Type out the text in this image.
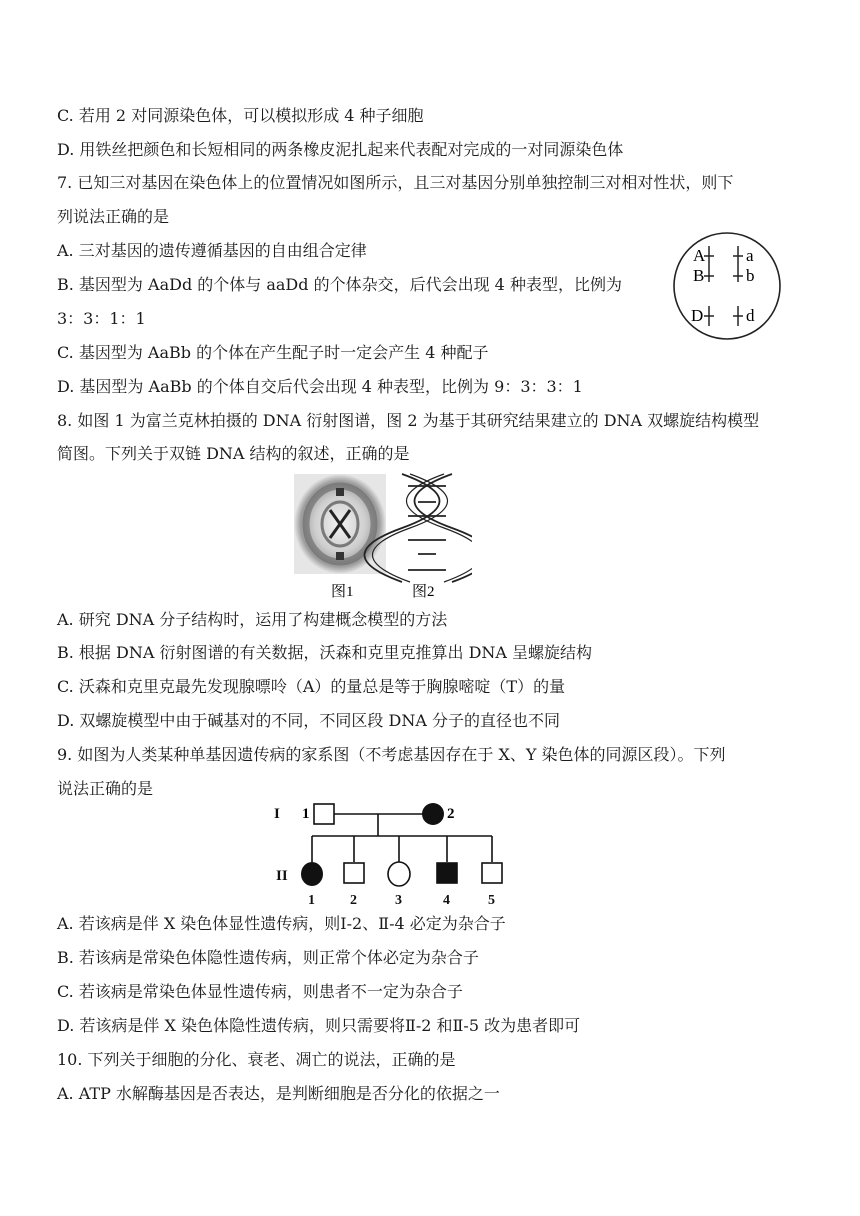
C. 若用 2 对同源染色体，可以模拟形成 4 种子细胞
D. 用铁丝把颜色和长短相同的两条橡皮泥扎起来代表配对完成的一对同源染色体
7. 已知三对基因在染色体上的位置情况如图所示，且三对基因分别单独控制三对相对性状，则下
列说法正确的是
A. 三对基因的遗传遵循基因的自由组合定律
B. 基因型为 AaDd 的个体与 aaDd 的个体杂交，后代会出现 4 种表型，比例为
3：3：1：1
C. 基因型为 AaBb 的个体在产生配子时一定会产生 4 种配子
D. 基因型为 AaBb 的个体自交后代会出现 4 种表型，比例为 9：3：3：1
8. 如图 1 为富兰克林拍摄的 DNA 衍射图谱，图 2 为基于其研究结果建立的 DNA 双螺旋结构模型
简图。下列关于双链 DNA 结构的叙述，正确的是
A. 研究 DNA 分子结构时，运用了构建概念模型的方法
B. 根据 DNA 衍射图谱的有关数据，沃森和克里克推算出 DNA 呈螺旋结构
C. 沃森和克里克最先发现腺嘌呤（A）的量总是等于胸腺嘧啶（T）的量
D. 双螺旋模型中由于碱基对的不同，不同区段 DNA 分子的直径也不同
9. 如图为人类某种单基因遗传病的家系图（不考虑基因存在于 X、Y 染色体的同源区段）。下列
说法正确的是
A. 若该病是伴 X 染色体显性遗传病，则Ⅰ-2、Ⅱ-4 必定为杂合子
B. 若该病是常染色体隐性遗传病，则正常个体必定为杂合子
C. 若该病是常染色体显性遗传病，则患者不一定为杂合子
D. 若该病是伴 X 染色体隐性遗传病，则只需要将Ⅱ-2 和Ⅱ-5 改为患者即可
10. 下列关于细胞的分化、衰老、凋亡的说法，正确的是
A. ATP 水解酶基因是否表达，是判断细胞是否分化的依据之一
A
B
D
a
b
d
图1	图2
I
II
1	2
1	2	3	4	5
